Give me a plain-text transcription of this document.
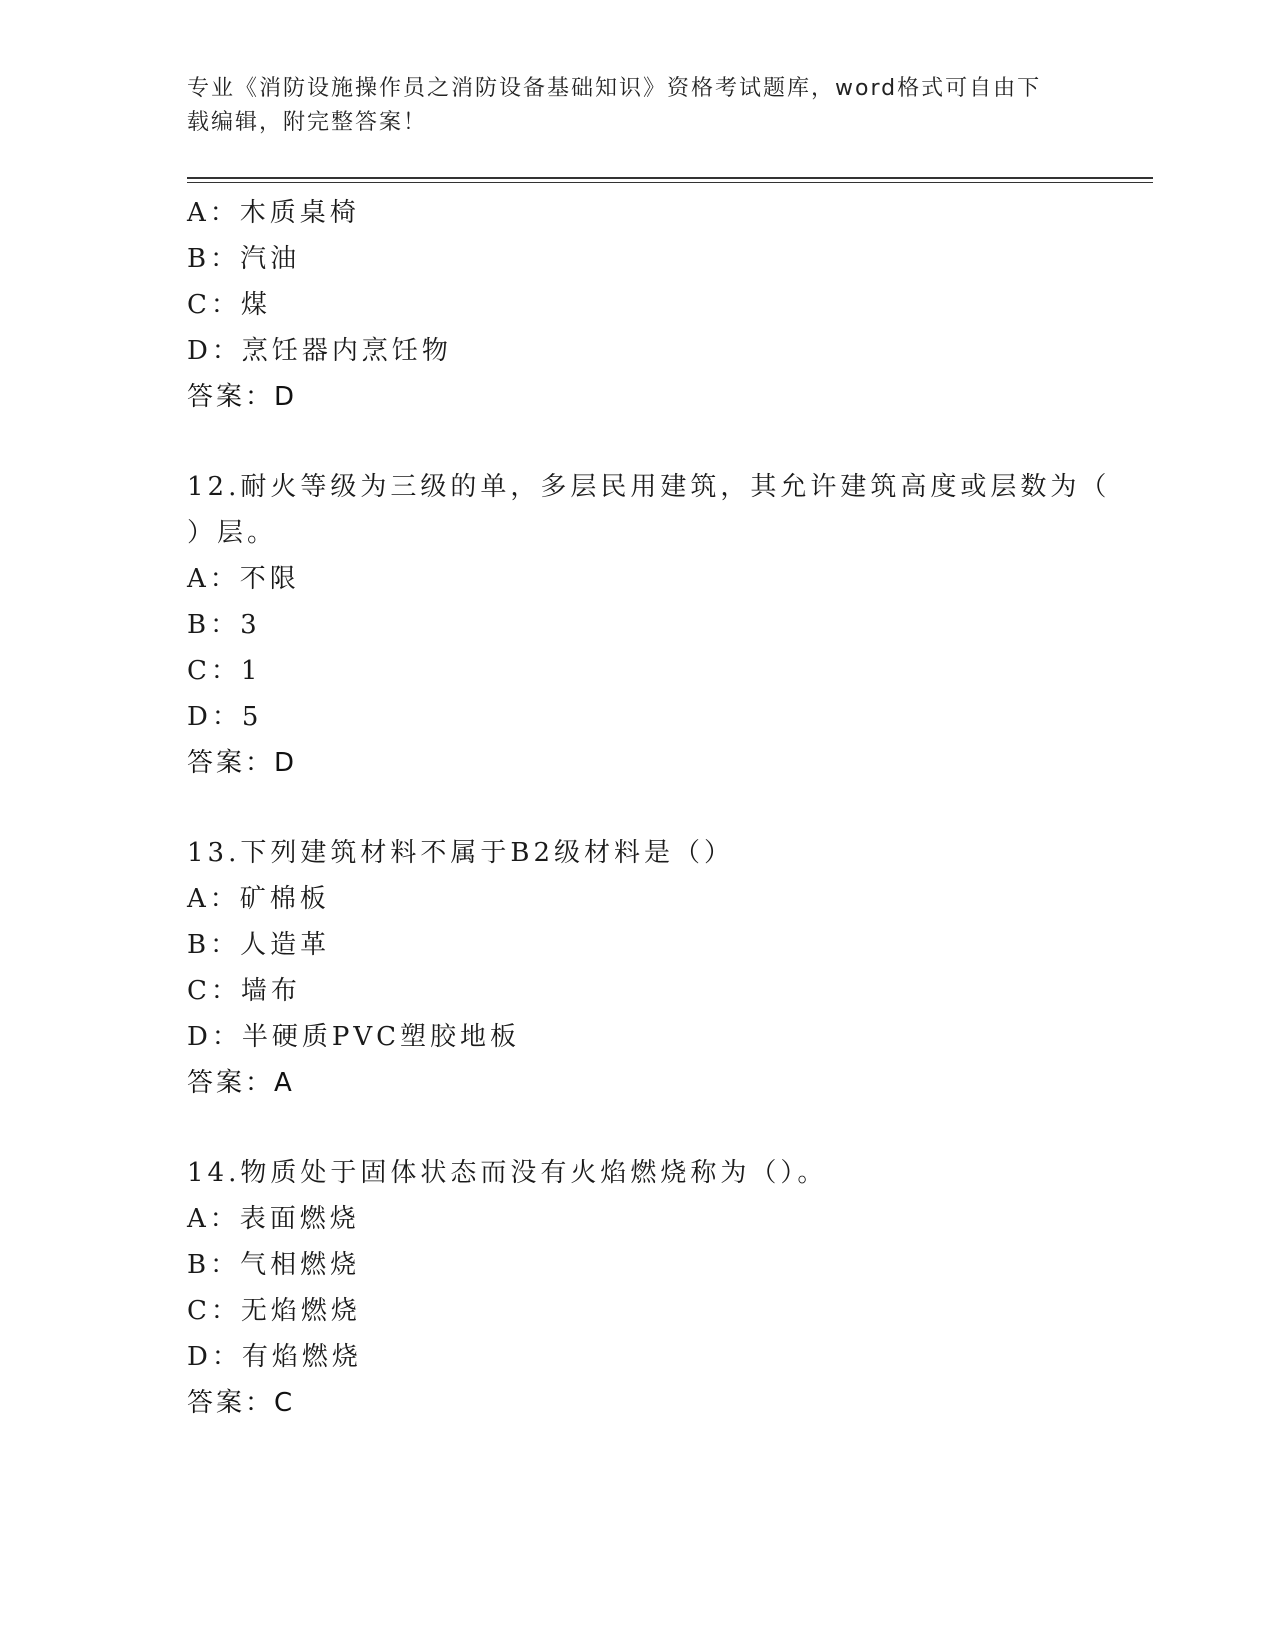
专业《消防设施操作员之消防设备基础知识》资格考试题库，word格式可自由下
载编辑，附完整答案！
A：木质桌椅
B：汽油
C：煤
D：烹饪器内烹饪物
答案：D
12.耐火等级为三级的单，多层民用建筑，其允许建筑高度或层数为（
）层。
A：不限
B：3
C：1
D：5
答案：D
13.下列建筑材料不属于B2级材料是（）
A：矿棉板
B：人造革
C：墙布
D：半硬质PVC塑胶地板
答案：A
14.物质处于固体状态而没有火焰燃烧称为（）。
A：表面燃烧
B：气相燃烧
C：无焰燃烧
D：有焰燃烧
答案：C
